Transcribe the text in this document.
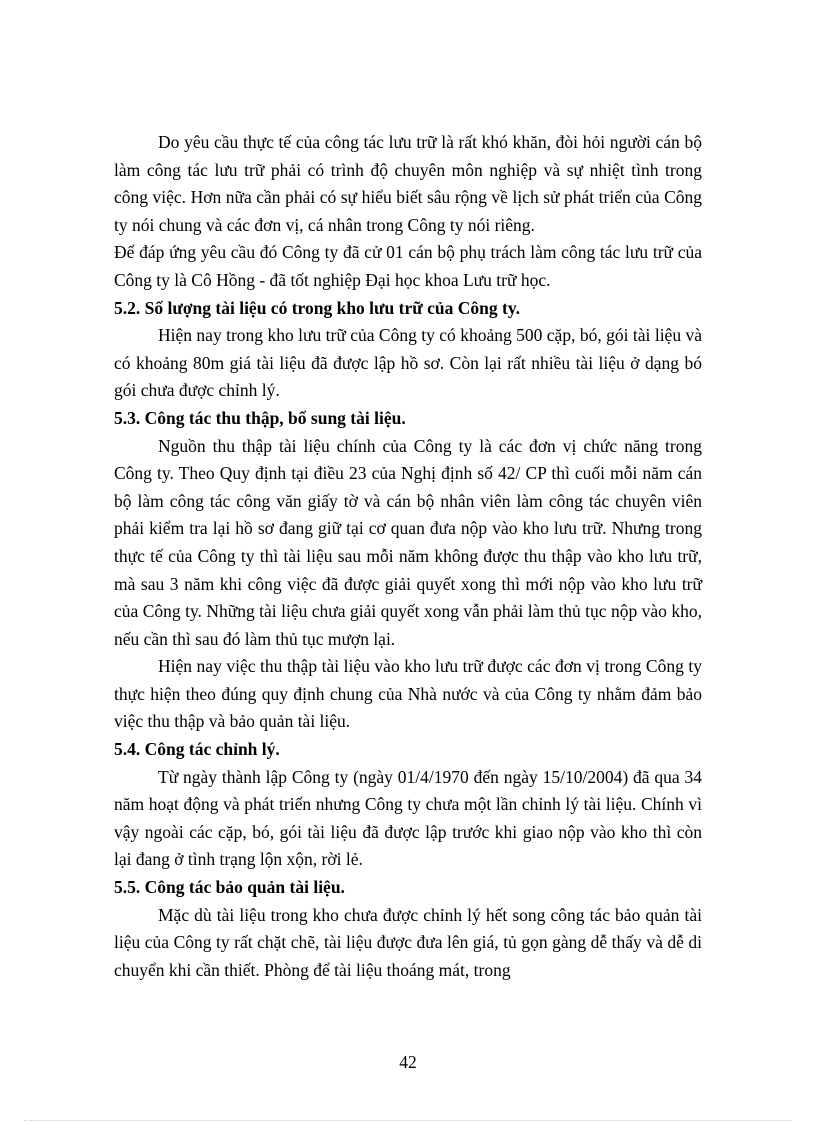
Do yêu cầu thực tế của công tác lưu trữ là rất khó khăn, đòi hỏi người cán bộ làm công tác lưu trữ phải có trình độ chuyên môn nghiệp và sự nhiệt tình trong công việc. Hơn nữa cần phải có sự hiểu biết sâu rộng về lịch sử phát triển của Công ty nói chung và các đơn vị, cá nhân trong Công ty nói riêng.

Để đáp ứng yêu cầu đó Công ty đã cử 01 cán bộ phụ trách làm công tác lưu trữ của Công ty là Cô Hồng - đã tốt nghiệp Đại học khoa Lưu trữ học.

5.2. Số lượng tài liệu có trong kho lưu trữ của Công ty.

Hiện nay trong kho lưu trữ của Công ty có khoảng 500 cặp, bó, gói tài liệu và có khoảng 80m giá tài liệu đã được lập hồ sơ. Còn lại rất nhiều tài liệu ở dạng bó gói chưa được chỉnh lý.

5.3. Công tác thu thập, bổ sung tài liệu.

Nguồn thu thập tài liệu chính của Công ty là các đơn vị chức năng trong Công ty. Theo Quy định tại điều 23 của Nghị định số 42/ CP thì cuối mỗi năm cán bộ làm công tác công văn giấy tờ và cán bộ nhân viên làm công tác chuyên viên phải kiểm tra lại hồ sơ đang giữ tại cơ quan đưa nộp vào kho lưu trữ. Nhưng trong thực tế của Công ty thì tài liệu sau mỗi năm không được thu thập vào kho lưu trữ, mà sau 3 năm khi công việc đã được giải quyết xong thì mới nộp vào kho lưu trữ của Công ty. Những tài liệu chưa giải quyết xong vẫn phải làm thủ tục nộp vào kho, nếu cần thì sau đó làm thủ tục mượn lại.

Hiện nay việc thu thập tài liệu vào kho lưu trữ được các đơn vị trong Công ty thực hiện theo đúng quy định chung của Nhà nước và của Công ty nhằm đảm bảo việc thu thập và bảo quản tài liệu.

5.4. Công tác chỉnh lý.

Từ ngày thành lập Công ty (ngày 01/4/1970 đến ngày 15/10/2004) đã qua 34 năm hoạt động và phát triển nhưng Công ty chưa một lần chỉnh lý tài liệu. Chính vì vậy ngoài các cặp, bó, gói tài liệu đã được lập trước khi giao nộp vào kho thì còn lại đang ở tình trạng lộn xộn, rời lẻ.

5.5. Công tác bảo quản tài liệu.

Mặc dù tài liệu trong kho chưa được chỉnh lý hết song công tác bảo quản tài liệu của Công ty rất chặt chẽ, tài liệu được đưa lên giá, tủ gọn gàng dễ thấy và dễ di chuyển khi cần thiết. Phòng để tài liệu thoáng mát, trong

42
